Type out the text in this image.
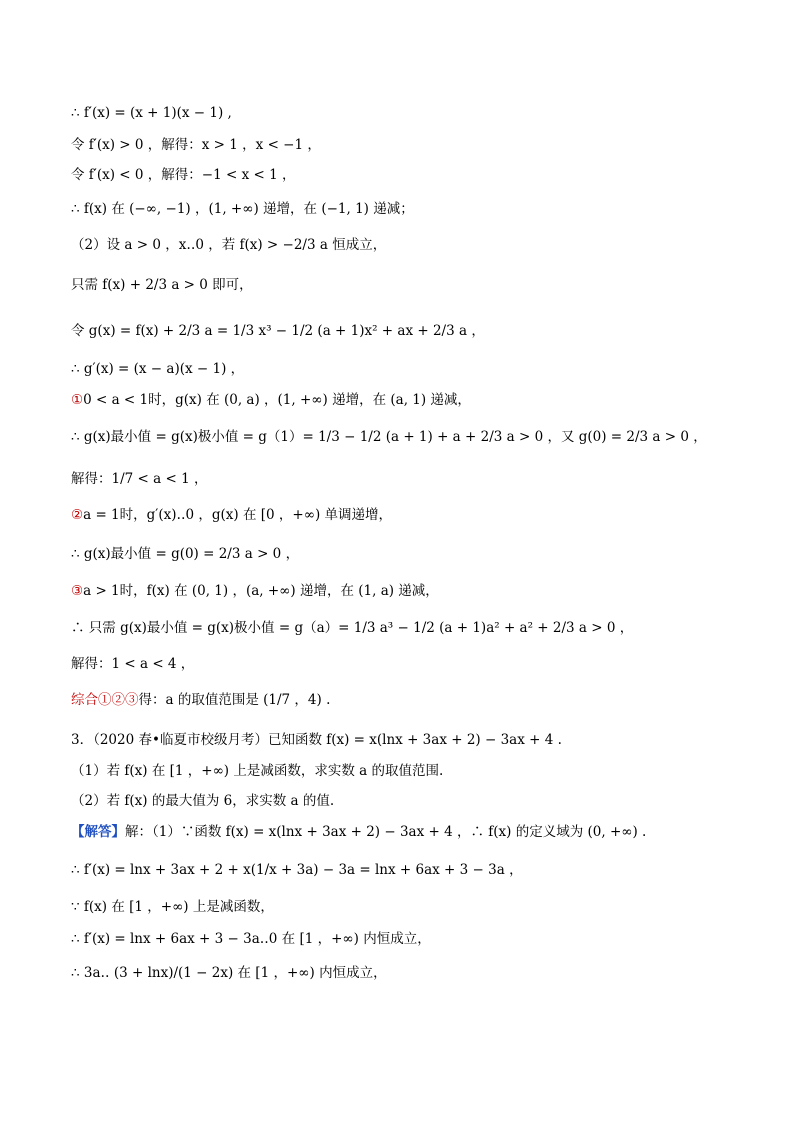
∴ f′(x) = (x + 1)(x − 1) ,
令 f′(x) > 0 ，解得：x > 1 ，x < −1 ，
令 f′(x) < 0 ，解得：−1 < x < 1 ，
∴ f(x) 在 (−∞, −1) ，(1, +∞) 递增，在 (−1, 1) 递减；
（2）设 a > 0 ，x‥0 ，若 f(x) > −2/3 a 恒成立，
只需 f(x) + 2/3 a > 0 即可，
令 g(x) = f(x) + 2/3 a = 1/3 x³ − 1/2 (a + 1)x² + ax + 2/3 a ，
∴ g′(x) = (x − a)(x − 1) ，
①0 < a < 1时，g(x) 在 (0, a) ，(1, +∞) 递增，在 (a, 1) 递减，
∴ g(x)最小值 = g(x)极小值 = g（1）= 1/3 − 1/2 (a + 1) + a + 2/3 a > 0 ，又 g(0) = 2/3 a > 0 ，
解得：1/7 < a < 1 ，
②a = 1时，g′(x)‥0 ，g(x) 在 [0 ，+∞) 单调递增，
∴ g(x)最小值 = g(0) = 2/3 a > 0 ，
③a > 1时，f(x) 在 (0, 1) ，(a, +∞) 递增，在 (1, a) 递减，
∴ 只需 g(x)最小值 = g(x)极小值 = g（a）= 1/3 a³ − 1/2 (a + 1)a² + a² + 2/3 a > 0 ，
解得：1 < a < 4 ，
综合①②③得：a 的取值范围是 (1/7 ，4) .
3．（2020 春•临夏市校级月考）已知函数 f(x) = x(lnx + 3ax + 2) − 3ax + 4 .
（1）若 f(x) 在 [1 ，+∞) 上是减函数，求实数 a 的取值范围.
（2）若 f(x) 的最大值为 6，求实数 a 的值.
【解答】解：（1）∵函数 f(x) = x(lnx + 3ax + 2) − 3ax + 4 ，∴ f(x) 的定义域为 (0, +∞) .
∴ f′(x) = lnx + 3ax + 2 + x(1/x + 3a) − 3a = lnx + 6ax + 3 − 3a ，
∵ f(x) 在 [1 ，+∞) 上是减函数，
∴ f′(x) = lnx + 6ax + 3 − 3a‥0 在 [1 ，+∞) 内恒成立，
∴ 3a‥ (3 + lnx)/(1 − 2x) 在 [1 ，+∞) 内恒成立，
